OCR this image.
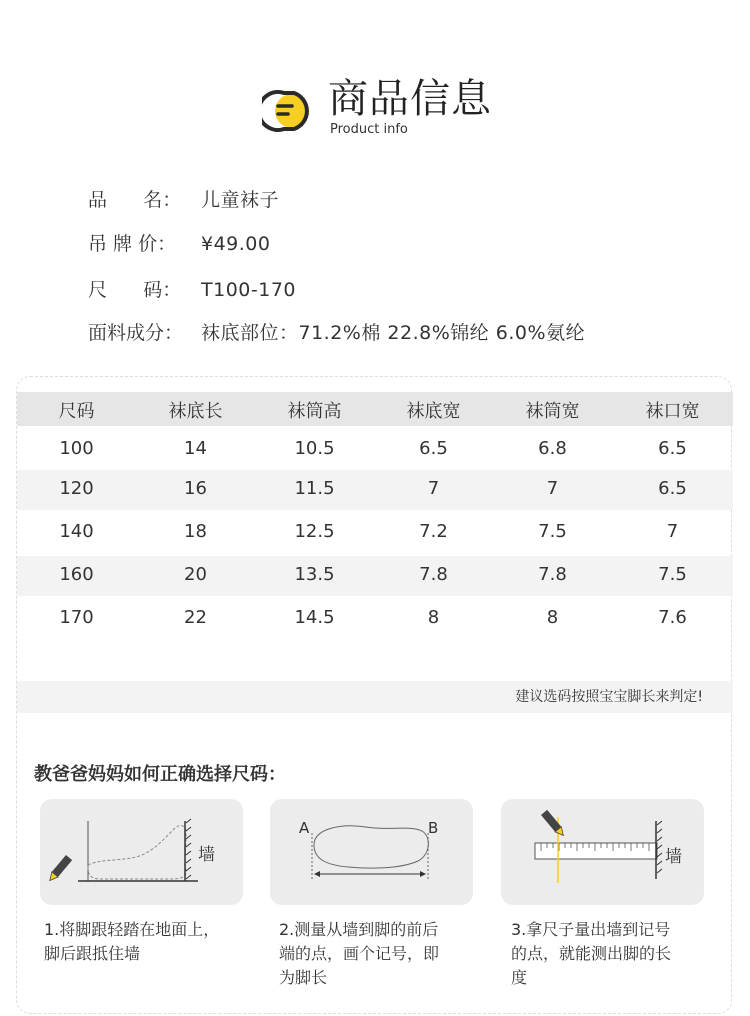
商品信息
Product info
品      名： 儿童袜子
吊 牌 价： ¥49.00
尺      码： T100-170
面料成分： 袜底部位：71.2%棉 22.8%锦纶 6.0%氨纶
尺码	袜底长	袜筒高	袜底宽	袜筒宽	袜口宽
100	14	10.5	6.5	6.8	6.5
120	16	11.5	7	7	6.5
140	18	12.5	7.2	7.5	7
160	20	13.5	7.8	7.8	7.5
170	22	14.5	8	8	7.6
建议选码按照宝宝脚长来判定!
教爸爸妈妈如何正确选择尺码：
墙
A	B
墙
1.将脚跟轻踏在地面上，
脚后跟抵住墙
2.测量从墙到脚的前后
端的点，画个记号，即
为脚长
3.拿尺子量出墙到记号
的点，就能测出脚的长
度
